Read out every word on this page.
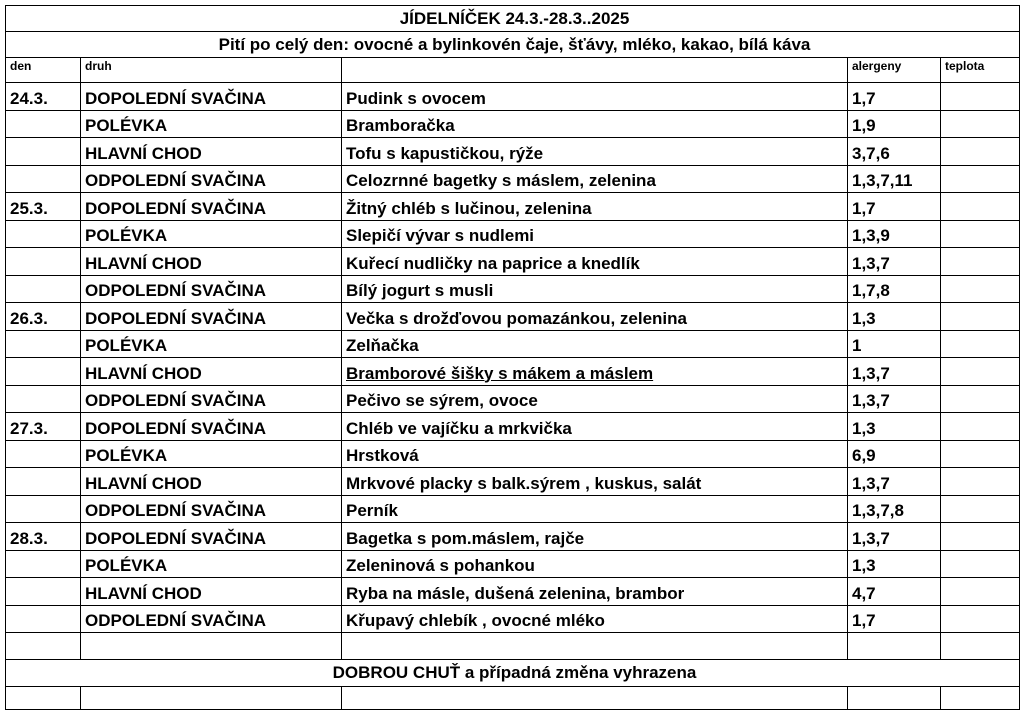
JÍDELNÍČEK 24.3.-28.3..2025				
Pití po celý den: ovocné a bylinkovén čaje, šťávy, mléko, kakao, bílá káva				
den	druh		alergeny	teplota
24.3.	DOPOLEDNÍ SVAČINA	Pudink s ovocem	1,7	
	POLÉVKA	Bramboračka	1,9	
	HLAVNÍ CHOD	Tofu s kapustičkou, rýže	3,7,6	
	ODPOLEDNÍ SVAČINA	Celozrnné bagetky s máslem, zelenina	1,3,7,11	
25.3.	DOPOLEDNÍ SVAČINA	Žitný chléb s lučinou, zelenina	1,7	
	POLÉVKA	Slepičí vývar s nudlemi	1,3,9	
	HLAVNÍ CHOD	Kuřecí nudličky na paprice a knedlík	1,3,7	
	ODPOLEDNÍ SVAČINA	Bílý jogurt s musli	1,7,8	
26.3.	DOPOLEDNÍ SVAČINA	Večka s drožďovou pomazánkou, zelenina	1,3	
	POLÉVKA	Zelňačka	1	
	HLAVNÍ CHOD	Bramborové šišky s mákem a máslem	1,3,7	
	ODPOLEDNÍ SVAČINA	Pečivo se sýrem, ovoce	1,3,7	
27.3.	DOPOLEDNÍ SVAČINA	Chléb ve vajíčku a mrkvička	1,3	
	POLÉVKA	Hrstková	6,9	
	HLAVNÍ CHOD	Mrkvové placky s balk.sýrem , kuskus, salát	1,3,7	
	ODPOLEDNÍ SVAČINA	Perník	1,3,7,8	
28.3.	DOPOLEDNÍ SVAČINA	Bagetka s pom.máslem, rajče	1,3,7	
	POLÉVKA	Zeleninová s pohankou	1,3	
	HLAVNÍ CHOD	Ryba na másle, dušená zelenina, brambor	4,7	
	ODPOLEDNÍ SVAČINA	Křupavý chlebík , ovocné mléko	1,7	

DOBROU CHUŤ a případná změna vyhrazena				
